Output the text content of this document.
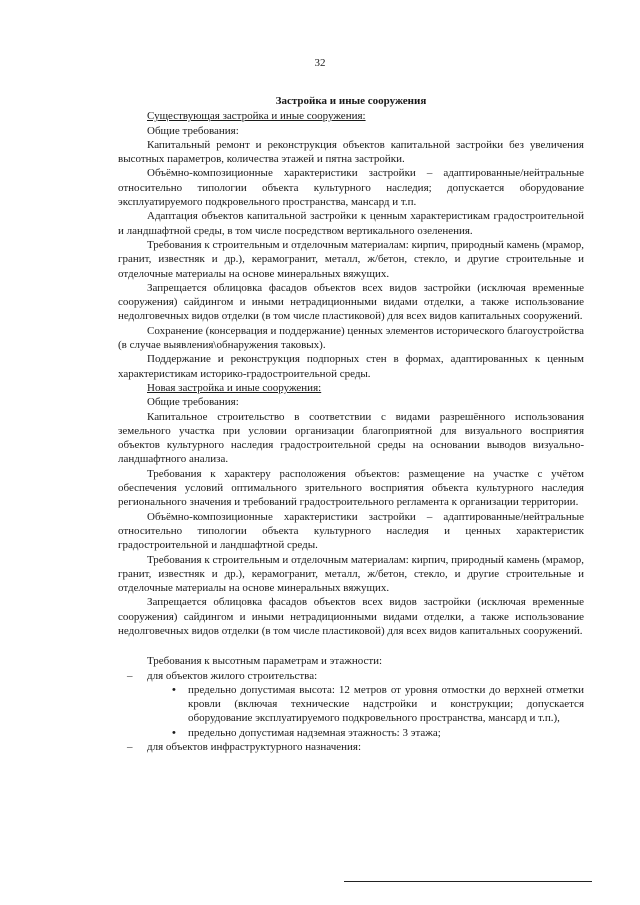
32
Застройка и иные сооружения

Существующая застройка и иные сооружения:

Общие требования:

Капитальный ремонт и реконструкция объектов капитальной застройки без увеличения высотных параметров, количества этажей и пятна застройки.

Объёмно-композиционные характеристики застройки – адаптированные/нейтральные относительно типологии объекта культурного наследия; допускается оборудование эксплуатируемого подкровельного пространства, мансард и т.п.

Адаптация объектов капитальной застройки к ценным характеристикам градостроительной и ландшафтной среды, в том числе посредством вертикального озеленения.

Требования к строительным и отделочным материалам: кирпич, природный камень (мрамор, гранит, известняк и др.), керамогранит, металл, ж/бетон, стекло, и другие строительные и отделочные материалы на основе минеральных вяжущих.

Запрещается облицовка фасадов объектов всех видов застройки (исключая временные сооружения) сайдингом и иными нетрадиционными видами отделки, а также использование недолговечных видов отделки (в том числе пластиковой) для всех видов капитальных сооружений.

Сохранение (консервация и поддержание) ценных элементов исторического благоустройства (в случае выявления\обнаружения таковых).

Поддержание и реконструкция подпорных стен в формах, адаптированных к ценным характеристикам историко-градостроительной среды.

Новая застройка и иные сооружения:

Общие требования:

Капитальное строительство в соответствии с видами разрешённого использования земельного участка при условии организации благоприятной для визуального восприятия объектов культурного наследия градостроительной среды на основании выводов визуально-ландшафтного анализа.

Требования к характеру расположения объектов: размещение на участке с учётом обеспечения условий оптимального зрительного восприятия объекта культурного наследия регионального значения и требований градостроительного регламента к организации территории.

Объёмно-композиционные характеристики застройки – адаптированные/нейтральные относительно типологии объекта культурного наследия и ценных характеристик градостроительной и ландшафтной среды.

Требования к строительным и отделочным материалам: кирпич, природный камень (мрамор, гранит, известняк и др.), керамогранит, металл, ж/бетон, стекло, и другие строительные и отделочные материалы на основе минеральных вяжущих.

Запрещается облицовка фасадов объектов всех видов застройки (исключая временные сооружения) сайдингом и иными нетрадиционными видами отделки, а также использование недолговечных видов отделки (в том числе пластиковой) для всех видов капитальных сооружений.

Требования к высотным параметрам и этажности:

– для объектов жилого строительства:
• предельно допустимая высота: 12 метров от уровня отмостки до верхней отметки кровли (включая технические надстройки и конструкции; допускается оборудование эксплуатируемого подкровельного пространства, мансард и т.п.),
• предельно допустимая надземная этажность: 3 этажа;
– для объектов инфраструктурного назначения:
